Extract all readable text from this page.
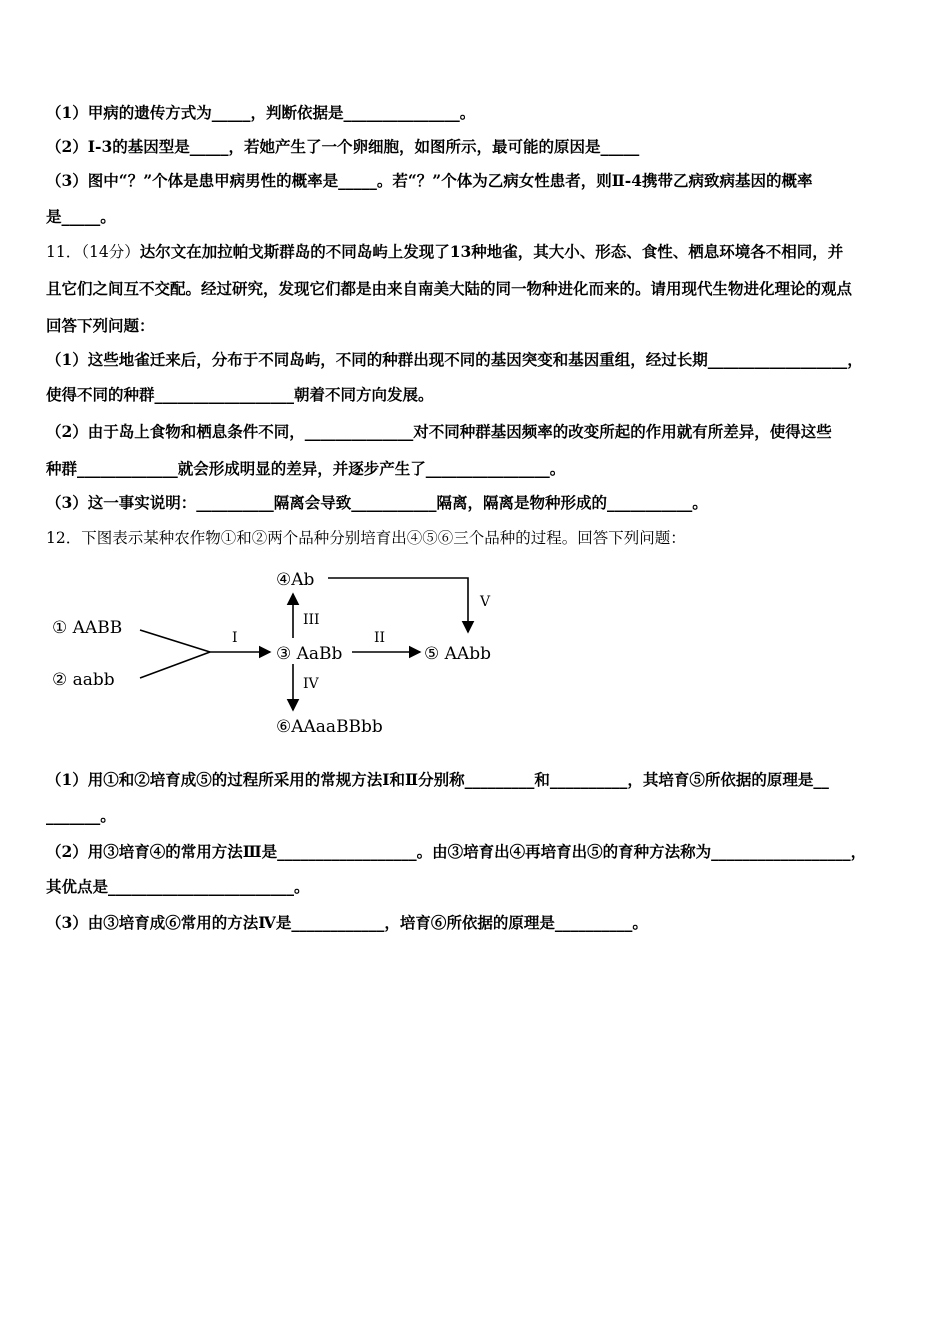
（1）甲病的遗传方式为_____，判断依据是_______________。
（2）Ⅰ-3的基因型是_____，若她产生了一个卵细胞，如图所示，最可能的原因是_____
（3）图中“？”个体是患甲病男性的概率是_____。若“？”个体为乙病女性患者，则Ⅱ-4携带乙病致病基因的概率
是_____。
11．（14分）达尔文在加拉帕戈斯群岛的不同岛屿上发现了13种地雀，其大小、形态、食性、栖息环境各不相同，并
且它们之间互不交配。经过研究，发现它们都是由来自南美大陆的同一物种进化而来的。请用现代生物进化理论的观点
回答下列问题：
（1）这些地雀迁来后，分布于不同岛屿，不同的种群出现不同的基因突变和基因重组，经过长期__________________，
使得不同的种群__________________朝着不同方向发展。
（2）由于岛上食物和栖息条件不同，______________对不同种群基因频率的改变所起的作用就有所差异，使得这些
种群_____________就会形成明显的差异，并逐步产生了________________。
（3）这一事实说明：__________隔离会导致___________隔离，隔离是物种形成的___________。
12．下图表示某种农作物①和②两个品种分别培育出④⑤⑥三个品种的过程。回答下列问题：
① AABB
② aabb
③ AaBb
④Ab
⑤ AAbb
⑥AAaaBBbb
I	II
III
IV
V
（1）用①和②培育成⑤的过程所采用的常规方法Ⅰ和Ⅱ分别称_________和__________，其培育⑤所依据的原理是__
_______。
（2）用③培育④的常用方法Ⅲ是__________________。由③培育出④再培育出⑤的育种方法称为__________________，
其优点是________________________。
（3）由③培育成⑥常用的方法Ⅳ是____________，培育⑥所依据的原理是__________。
